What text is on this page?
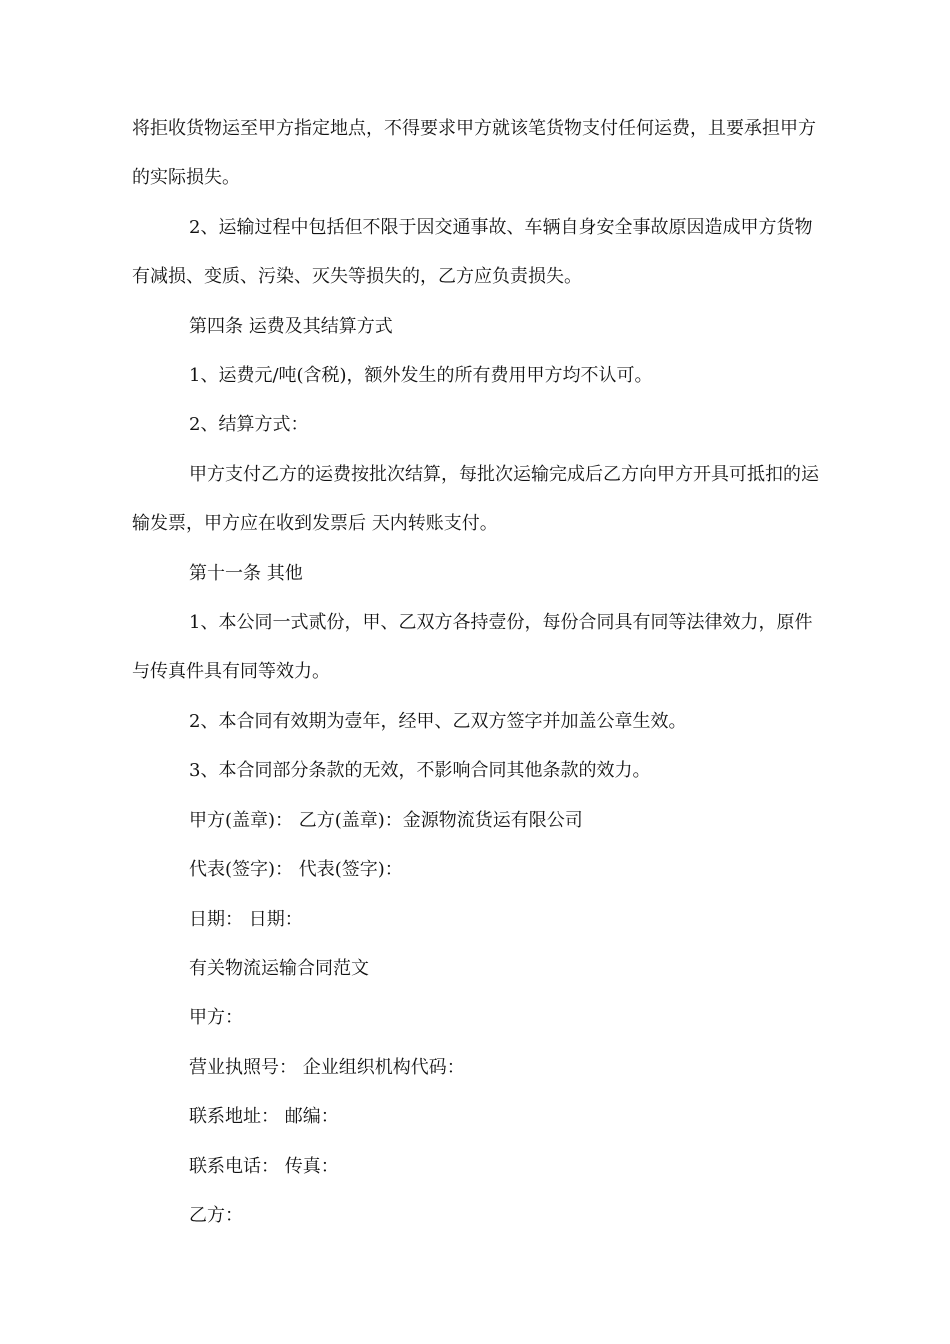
将拒收货物运至甲方指定地点，不得要求甲方就该笔货物支付任何运费，且要承担甲方的实际损失。

2、运输过程中包括但不限于因交通事故、车辆自身安全事故原因造成甲方货物有减损、变质、污染、灭失等损失的，乙方应负责损失。

第四条 运费及其结算方式

1、运费元/吨(含税)，额外发生的所有费用甲方均不认可。

2、结算方式：

甲方支付乙方的运费按批次结算，每批次运输完成后乙方向甲方开具可抵扣的运输发票，甲方应在收到发票后 天内转账支付。

第十一条 其他

1、本公同一式贰份，甲、乙双方各持壹份，每份合同具有同等法律效力，原件与传真件具有同等效力。

2、本合同有效期为壹年，经甲、乙双方签字并加盖公章生效。

3、本合同部分条款的无效，不影响合同其他条款的效力。

甲方(盖章)： 乙方(盖章)：金源物流货运有限公司

代表(签字)： 代表(签字)：

日期： 日期：

有关物流运输合同范文

甲方：

营业执照号： 企业组织机构代码：

联系地址： 邮编：

联系电话： 传真：

乙方：
